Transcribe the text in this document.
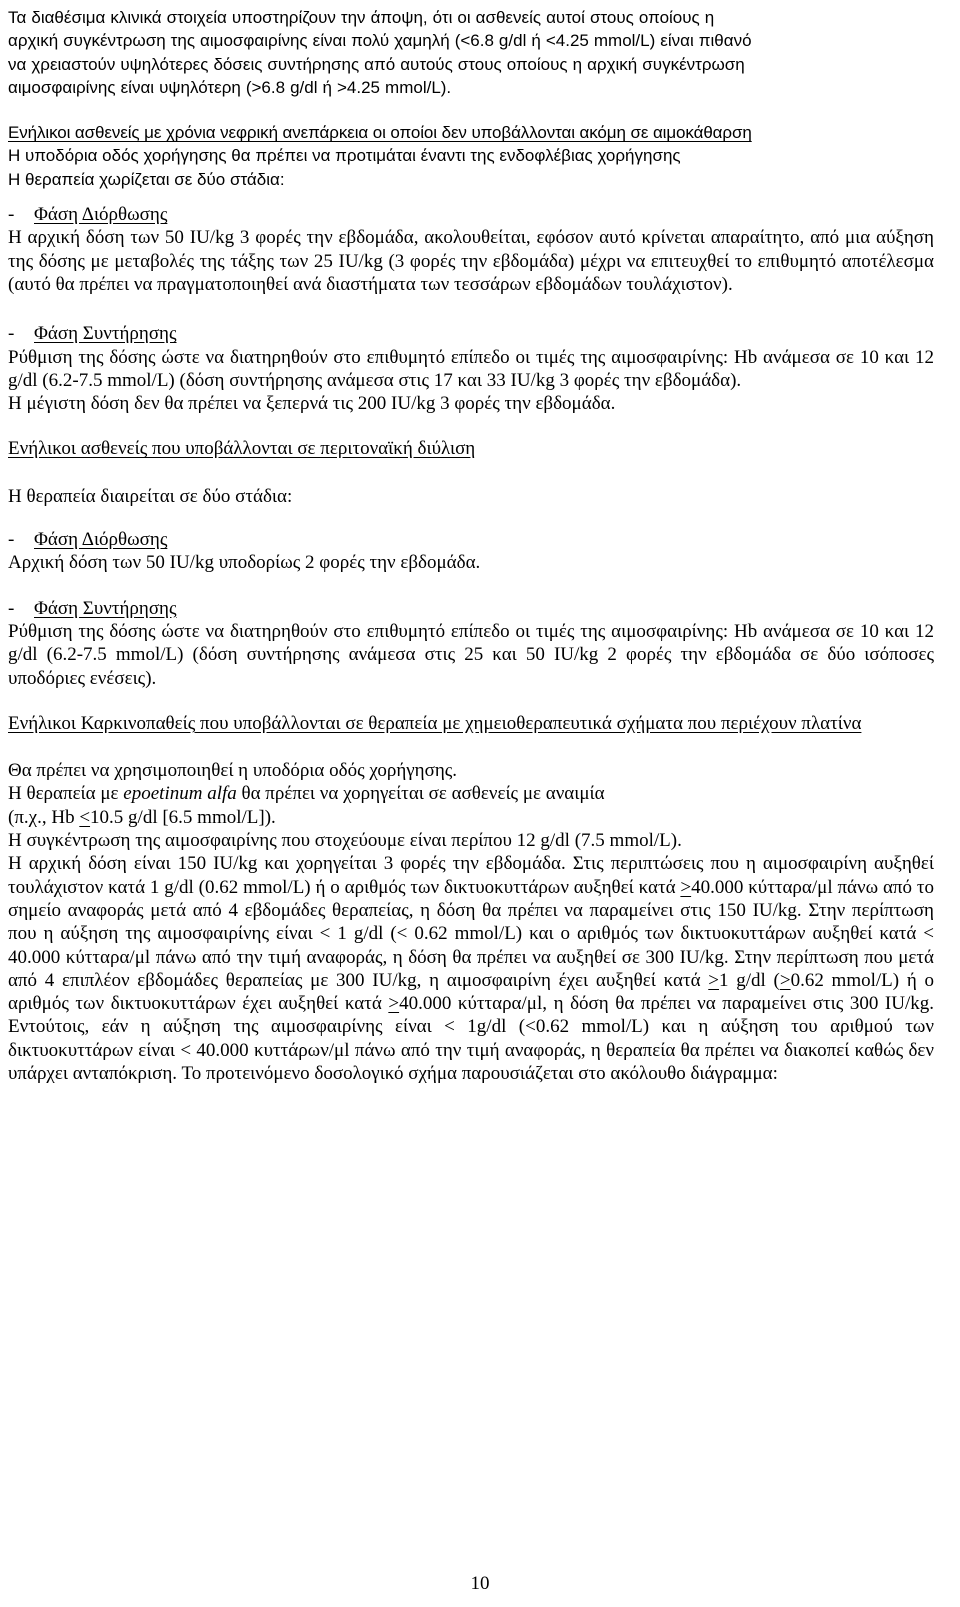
Τα διαθέσιμα κλινικά στοιχεία υποστηρίζουν την άποψη, ότι οι ασθενείς αυτοί στους οποίους η

αρχική συγκέντρωση της αιμοσφαιρίνης είναι πολύ χαμηλή (<6.8 g/dl ή <4.25 mmol/L) είναι πιθανό

να χρειαστούν υψηλότερες δόσεις συντήρησης από αυτούς στους οποίους η αρχική συγκέντρωση

αιμοσφαιρίνης είναι υψηλότερη (>6.8 g/dl ή >4.25 mmol/L).

Ενήλικοι ασθενείς με χρόνια νεφρική ανεπάρκεια οι οποίοι δεν υποβάλλονται ακόμη σε αιμοκάθαρση

Η υποδόρια οδός χορήγησης θα πρέπει να προτιμάται έναντι της ενδοφλέβιας χορήγησης

Η θεραπεία χωρίζεται σε δύο στάδια:

- Φάση Διόρθωσης

Η αρχική δόση των 50 IU/kg 3 φορές την εβδομάδα, ακολουθείται, εφόσον αυτό κρίνεται απαραίτητο, από μια αύξηση της δόσης με μεταβολές της τάξης των 25 IU/kg (3 φορές την εβδομάδα) μέχρι να επιτευχθεί το επιθυμητό αποτέλεσμα (αυτό θα πρέπει να πραγματοποιηθεί ανά διαστήματα των τεσσάρων εβδομάδων τουλάχιστον).

- Φάση Συντήρησης

Ρύθμιση της δόσης ώστε να διατηρηθούν στο επιθυμητό επίπεδο οι τιμές της αιμοσφαιρίνης: Hb ανάμεσα σε 10 και 12 g/dl (6.2-7.5 mmol/L) (δόση συντήρησης ανάμεσα στις 17 και 33 IU/kg 3 φορές την εβδομάδα).

Η μέγιστη δόση δεν θα πρέπει να ξεπερνά τις 200 IU/kg 3 φορές την εβδομάδα.

Ενήλικοι ασθενείς που υποβάλλονται σε περιτοναϊκή διύλιση

Η θεραπεία διαιρείται σε δύο στάδια:

- Φάση Διόρθωσης

Αρχική δόση των 50 IU/kg υποδορίως 2 φορές την εβδομάδα.

- Φάση Συντήρησης

Ρύθμιση της δόσης ώστε να διατηρηθούν στο επιθυμητό επίπεδο οι τιμές της αιμοσφαιρίνης: Hb ανάμεσα σε 10 και 12 g/dl (6.2-7.5 mmol/L) (δόση συντήρησης ανάμεσα στις 25 και 50 IU/kg 2 φορές την εβδομάδα σε δύο ισόποσες υποδόριες ενέσεις).

Ενήλικοι Καρκινοπαθείς που υποβάλλονται σε θεραπεία με χημειοθεραπευτικά σχήματα που περιέχουν πλατίνα

Θα πρέπει να χρησιμοποιηθεί η υποδόρια οδός χορήγησης.

Η θεραπεία με epoetinum alfa θα πρέπει να χορηγείται σε ασθενείς με αναιμία

(π.χ., Hb ≤10.5 g/dl [6.5 mmol/L]).

Η συγκέντρωση της αιμοσφαιρίνης που στοχεύουμε είναι περίπου 12 g/dl (7.5 mmol/L).

Η αρχική δόση είναι 150 IU/kg και χορηγείται 3 φορές την εβδομάδα. Στις περιπτώσεις που η αιμοσφαιρίνη αυξηθεί τουλάχιστον κατά 1 g/dl (0.62 mmol/L) ή ο αριθμός των δικτυοκυττάρων αυξηθεί κατά ≥40.000 κύτταρα/μl πάνω από το σημείο αναφοράς μετά από 4 εβδομάδες θεραπείας, η δόση θα πρέπει να παραμείνει στις 150 IU/kg. Στην περίπτωση που η αύξηση της αιμοσφαιρίνης είναι < 1 g/dl (< 0.62 mmol/L) και ο αριθμός των δικτυοκυττάρων αυξηθεί κατά < 40.000 κύτταρα/μl πάνω από την τιμή αναφοράς, η δόση θα πρέπει να αυξηθεί σε 300 IU/kg. Στην περίπτωση που μετά από 4 επιπλέον εβδομάδες θεραπείας με 300 IU/kg, η αιμοσφαιρίνη έχει αυξηθεί κατά ≥1 g/dl (≥0.62 mmol/L) ή ο αριθμός των δικτυοκυττάρων έχει αυξηθεί κατά ≥40.000 κύτταρα/μl, η δόση θα πρέπει να παραμείνει στις 300 IU/kg. Εντούτοις, εάν η αύξηση της αιμοσφαιρίνης είναι < 1g/dl (<0.62 mmol/L) και η αύξηση του αριθμού των δικτυοκυττάρων είναι < 40.000 κυττάρων/μl πάνω από την τιμή αναφοράς, η θεραπεία θα πρέπει να διακοπεί καθώς δεν υπάρχει ανταπόκριση. Το προτεινόμενο δοσολογικό σχήμα παρουσιάζεται στο ακόλουθο διάγραμμα:

10
